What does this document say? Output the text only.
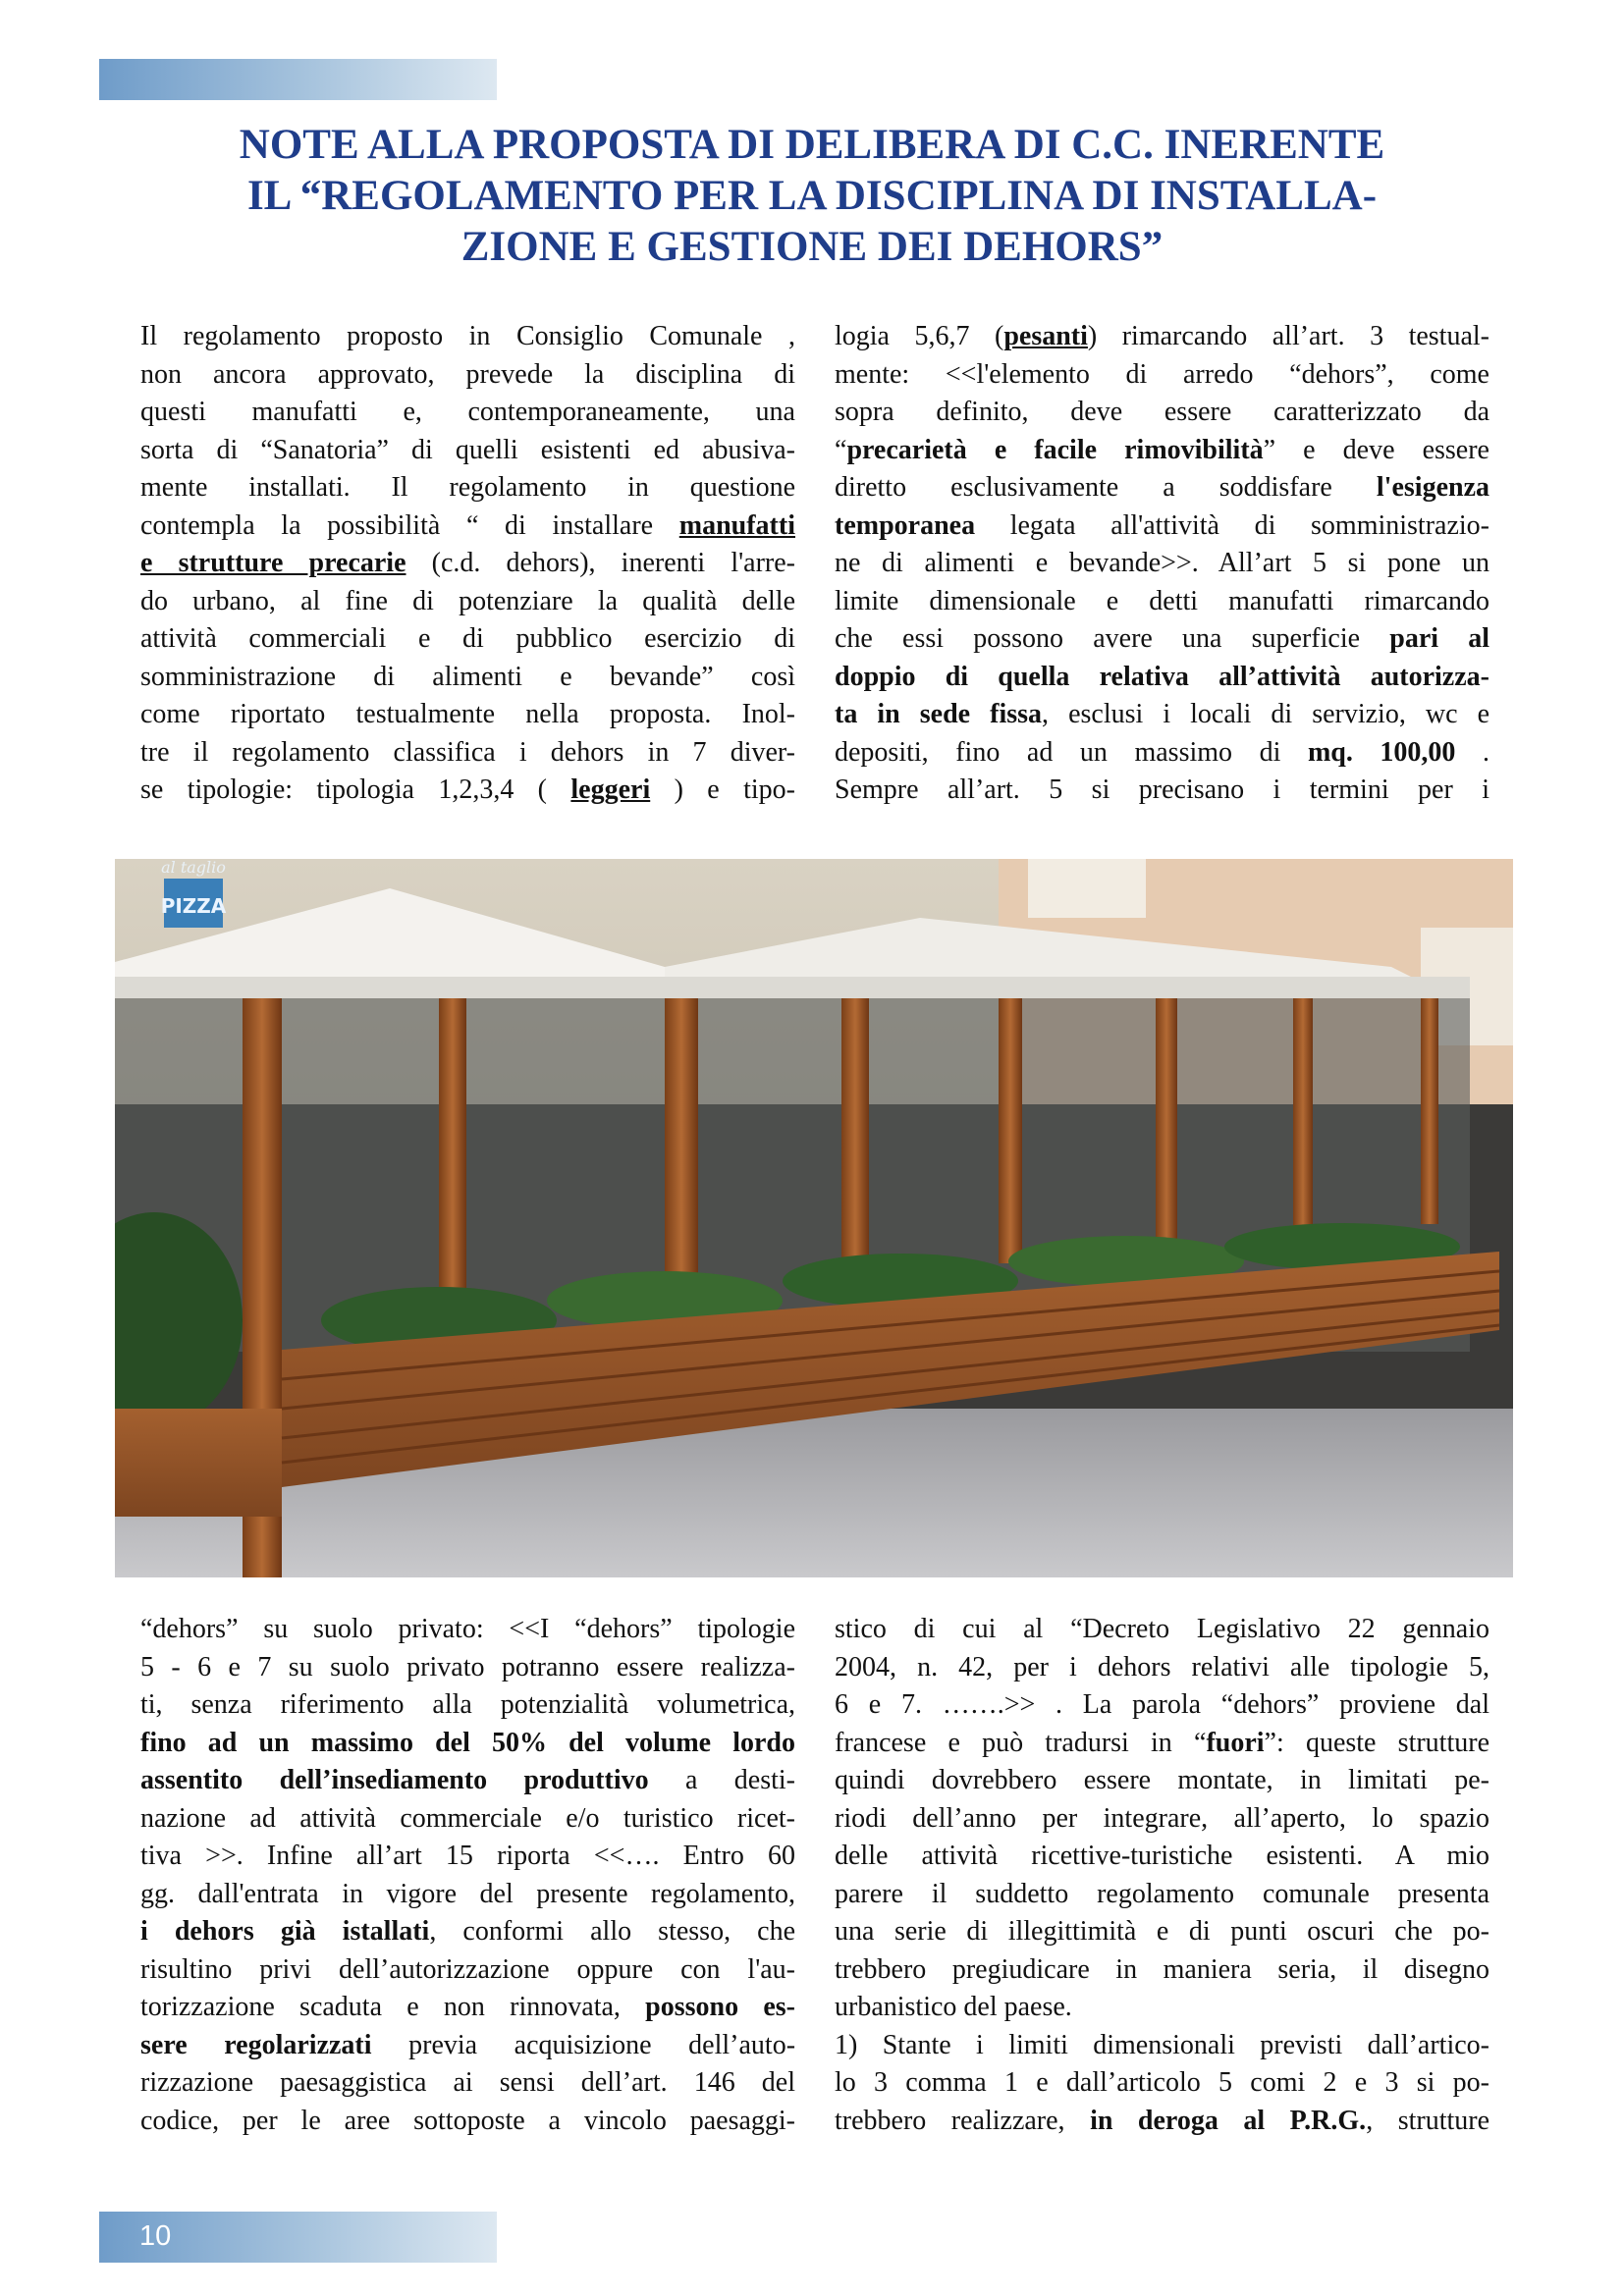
NOTE ALLA PROPOSTA DI DELIBERA DI C.C. INERENTE
IL “REGOLAMENTO PER LA DISCIPLINA DI INSTALLA-
ZIONE E GESTIONE DEI DEHORS”
Il regolamento proposto in Consiglio Comunale ,
non ancora approvato, prevede la disciplina di
questi manufatti e, contemporaneamente, una
sorta di “Sanatoria” di quelli esistenti ed abusiva-
mente installati. Il regolamento in questione
contempla la possibilità “ di installare manufatti
e strutture precarie (c.d. dehors), inerenti l'arre-
do urbano, al fine di potenziare la qualità delle
attività commerciali e di pubblico esercizio di
somministrazione di alimenti e bevande” così
come riportato testualmente nella proposta. Inol-
tre il regolamento classifica i dehors in 7 diver-
se tipologie: tipologia 1,2,3,4 ( leggeri ) e tipo-
logia 5,6,7 (pesanti) rimarcando all’art. 3 testual-
mente: <<l'elemento di arredo “dehors”, come
sopra definito, deve essere caratterizzato da
“precarietà e facile rimovibilità” e deve essere
diretto esclusivamente a soddisfare l'esigenza
temporanea legata all'attività di somministrazio-
ne di alimenti e bevande>>. All’art 5 si pone un
limite dimensionale e detti manufatti rimarcando
che essi possono avere una superficie pari al
doppio di quella relativa all’attività autorizza-
ta in sede fissa, esclusi i locali di servizio, wc e
depositi, fino ad un massimo di mq. 100,00 .
Sempre all’art. 5 si precisano i termini per i
al taglio
PIZZA
“dehors” su suolo privato: <<I “dehors” tipologie
5 - 6 e 7 su suolo privato potranno essere realizza-
ti, senza riferimento alla potenzialità volumetrica,
fino ad un massimo del 50% del volume lordo
assentito dell’insediamento produttivo a desti-
nazione ad attività commerciale e/o turistico ricet-
tiva >>. Infine all’art 15 riporta <<…. Entro 60
gg. dall'entrata in vigore del presente regolamento,
i dehors già istallati, conformi allo stesso, che
risultino privi dell’autorizzazione oppure con l'au-
torizzazione scaduta e non rinnovata, possono es-
sere regolarizzati previa acquisizione dell’auto-
rizzazione paesaggistica ai sensi dell’art. 146 del
codice, per le aree sottoposte a vincolo paesaggi-
stico di cui al “Decreto Legislativo 22 gennaio
2004, n. 42, per i dehors relativi alle tipologie 5,
6 e 7. …….>> . La parola “dehors” proviene dal
francese e può tradursi in “fuori”: queste strutture
quindi dovrebbero essere montate, in limitati pe-
riodi dell’anno per integrare, all’aperto, lo spazio
delle attività ricettive-turistiche esistenti. A mio
parere il suddetto regolamento comunale presenta
una serie di illegittimità e di punti oscuri che po-
trebbero pregiudicare in maniera seria, il disegno
urbanistico del paese.
1) Stante i limiti dimensionali previsti dall’artico-
lo 3 comma 1 e dall’articolo 5 comi 2 e 3 si po-
trebbero realizzare, in deroga al P.R.G., strutture
10
